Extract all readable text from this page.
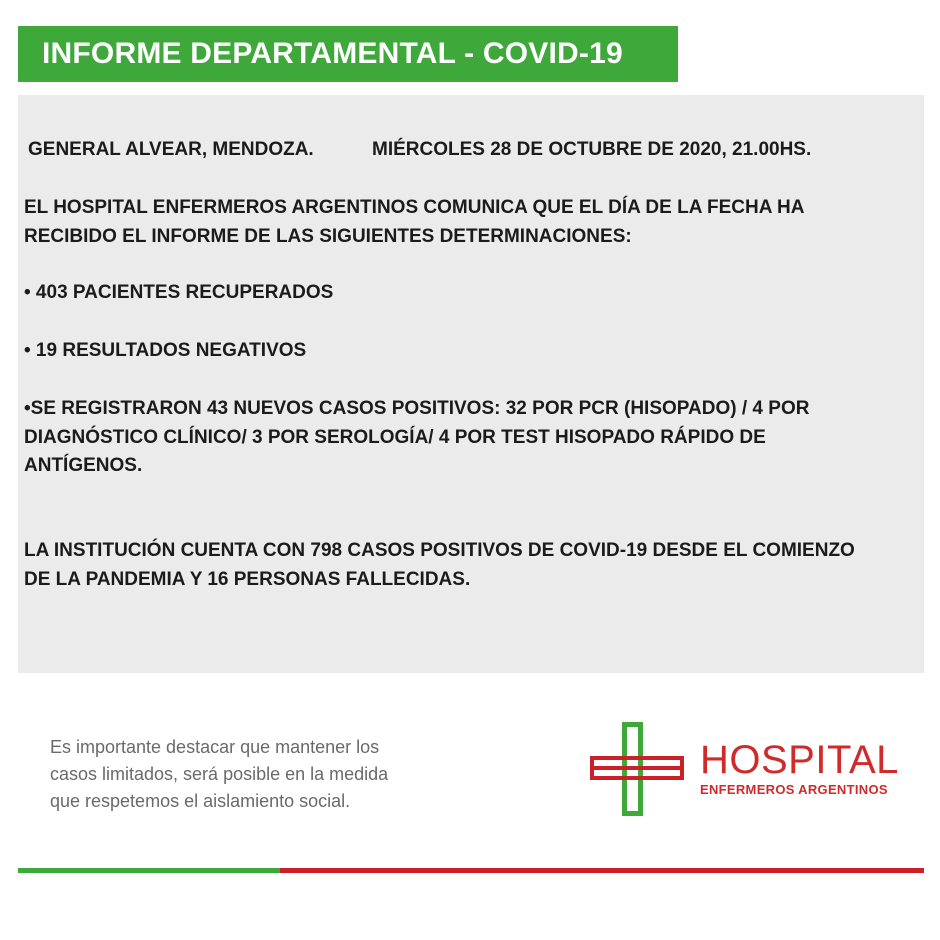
INFORME DEPARTAMENTAL - COVID-19
GENERAL ALVEAR, MENDOZA.	MIÉRCOLES 28 DE OCTUBRE DE 2020, 21.00HS.
EL HOSPITAL ENFERMEROS ARGENTINOS COMUNICA QUE EL DÍA DE LA FECHA HA
RECIBIDO EL INFORME DE LAS SIGUIENTES DETERMINACIONES:
• 403 PACIENTES RECUPERADOS
• 19 RESULTADOS NEGATIVOS
•SE REGISTRARON 43 NUEVOS CASOS POSITIVOS: 32 POR PCR (HISOPADO) / 4 POR
DIAGNÓSTICO CLÍNICO/ 3 POR SEROLOGÍA/ 4 POR TEST HISOPADO RÁPIDO DE
ANTÍGENOS.
LA INSTITUCIÓN CUENTA CON 798 CASOS POSITIVOS DE COVID-19 DESDE EL COMIENZO
DE LA PANDEMIA Y 16 PERSONAS FALLECIDAS.
Es importante destacar que mantener los
casos limitados, será posible en la medida
que respetemos el aislamiento social.
HOSPITAL
ENFERMEROS ARGENTINOS
